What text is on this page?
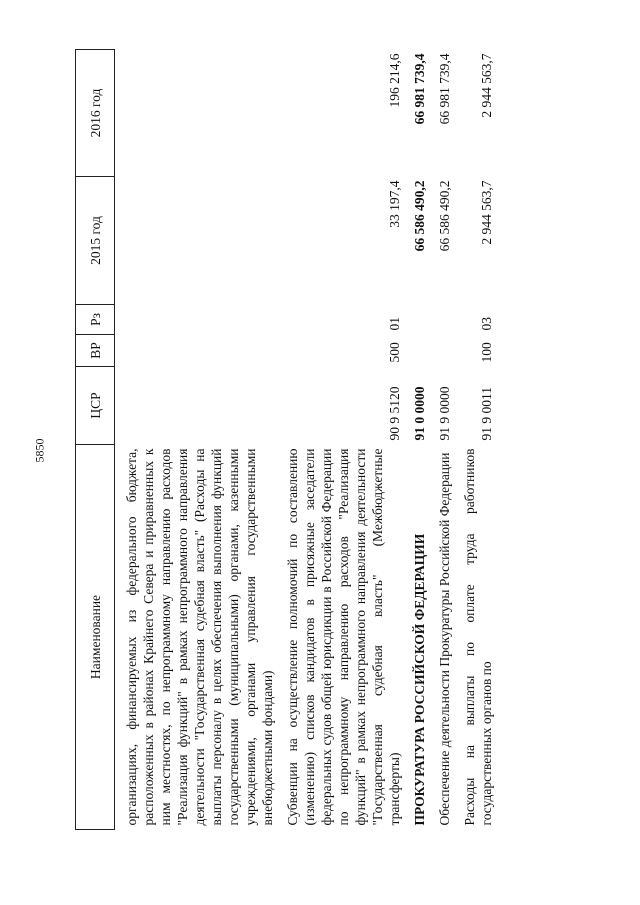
5850
Наименование	ЦСР	ВР	Рз	2015 год	2016 год

организациях, финансируемых из федерального бюджета, расположенных в районах Крайнего Севера и приравненных к ним местностях, по непрограммному направлению расходов "Реализация функций" в рамках непрограммного направления деятельности "Государственная судебная власть" (Расходы на выплаты персоналу в целях обеспечения выполнения функций государственными (муниципальными) органами, казенными учреждениями, органами управления государственными внебюджетными фондами)					

Субвенции на осуществление полномочий по составлению (изменению) списков кандидатов в присяжные заседатели федеральных судов общей юрисдикции в Российской Федерации по непрограммному направлению расходов "Реализация функций" в рамках непрограммного направления деятельности "Государственная судебная власть" (Межбюджетные трансферты)	90 9 5120	500	01	33 197,4	196 214,6

ПРОКУРАТУРА РОССИЙСКОЙ ФЕДЕРАЦИИ	91 0 0000			66 586 490,2	66 981 739,4

Обеспечение деятельности Прокуратуры Российской Федерации	91 9 0000			66 586 490,2	66 981 739,4

Расходы на выплаты по оплате труда работников государственных органов по	91 9 0011	100	03	2 944 563,7	2 944 563,7
